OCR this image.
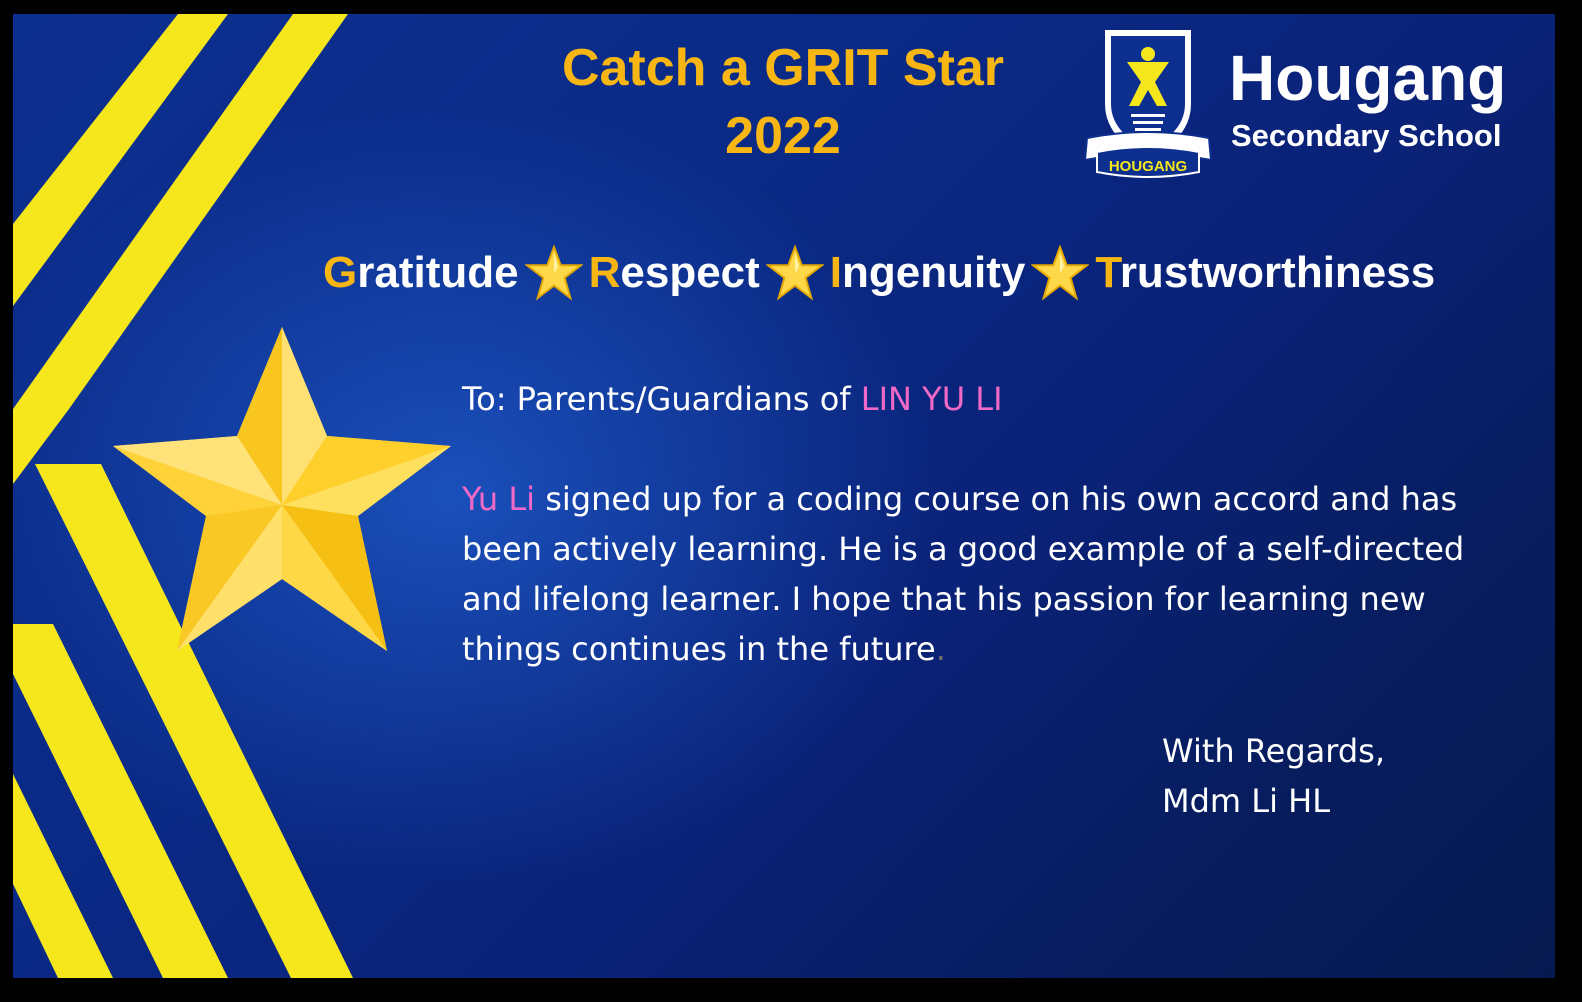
Catch a GRIT Star
2022
HOUGANG
Hougang
Secondary School
Gratitude Respect Ingenuity Trustworthiness

To: Parents/Guardians of LIN YU LI

Yu Li signed up for a coding course on his own accord and has been actively learning. He is a good example of a self-directed and lifelong learner. I hope that his passion for learning new things continues in the future.

With Regards,
Mdm Li HL
